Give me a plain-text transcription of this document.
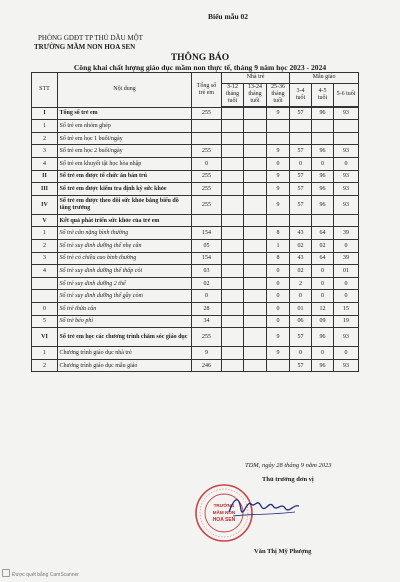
Biểu mẫu 02
PHÒNG GDĐT TP THỦ DẦU MỘT
TRƯỜNG MẦM NON HOA SEN
THÔNG BÁO
Công khai chất lượng giáo dục mầm non thực tế, tháng 9 năm học 2023 - 2024
STT	Nội dung	Tổng số trẻ em	Nhà trẻ			Mẫu giáo		
			3-12 tháng tuổi	13-24 tháng tuổi	25-36 tháng tuổi	3-4 tuổi	4-5 tuổi	5-6 tuổi

I	Tổng số trẻ em	255			9	57	96	93
1	Số trẻ em nhóm ghép							
2	Số trẻ em học 1 buổi/ngày							
3	Số trẻ em học 2 buổi/ngày	255			9	57	96	93
4	Số trẻ em khuyết tật học hòa nhập	0			0	0	0	0
II	Số trẻ em được tổ chức ăn bán trú	255			9	57	96	93
III	Số trẻ em được kiểm tra định kỳ sức khỏe	255			9	57	96	93
IV	Số trẻ em được theo dõi sức khỏe bằng biểu đồ tăng trưởng	255			9	57	96	93
V	Kết quả phát triển sức khỏe của trẻ em							
1	Số trẻ cân nặng bình thường	154			8	43	64	39
2	Số trẻ suy dinh dưỡng thể nhẹ cân	05			1	02	02	0
3	Số trẻ có chiều cao bình thường	154			8	43	64	39
4	Số trẻ suy dinh dưỡng thể thấp còi	03			0	02	0	01
	Số trẻ suy dinh dưỡng 2 thể	02			0	2	0	0
	Số trẻ suy dinh dưỡng thể gầy còm	0			0	0	0	0
0	Số trẻ thừa cân	28			0	01	12	15
5	Số trẻ béo phì	34			0	06	09	19
VI	Số trẻ em học các chương trình chăm sóc giáo dục	255			9	57	96	93
1	Chương trình giáo dục nhà trẻ	9			9	0	0	0
2	Chương trình giáo dục mẫu giáo	246				57	96	93
TDM, ngày 28 tháng 9 năm 2023
Thủ trưởng đơn vị
TRƯỜNG
MẦM NON
HOA SEN
Văn Thị Mỹ Phượng
Được quét bằng CamScanner
